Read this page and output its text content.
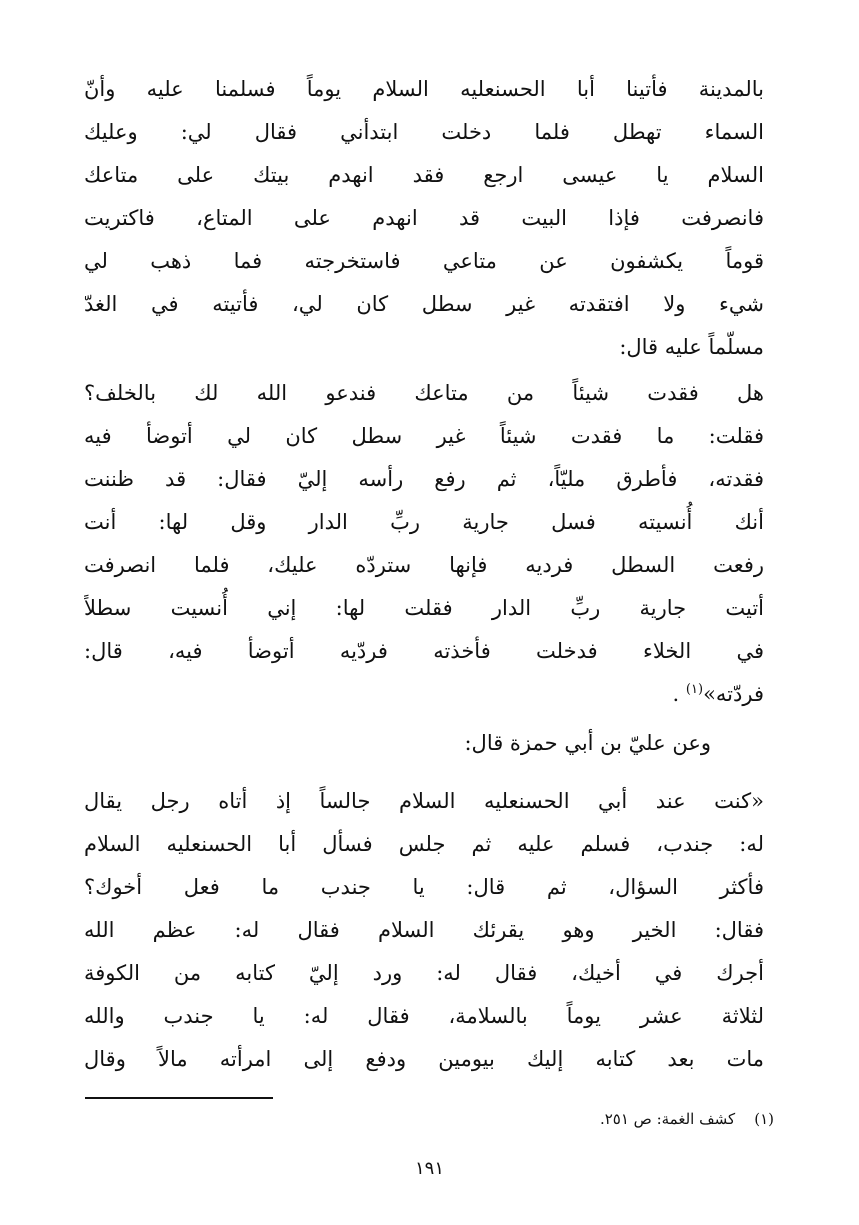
بالمدينة فأتينا أبا الحسنعليه السلام يوماً فسلمنا عليه وأنّ
السماء تهطل فلما دخلت ابتدأني فقال لي: وعليك
السلام يا عيسى ارجع فقد انهدم بيتك على متاعك
فانصرفت فإذا البيت قد انهدم على المتاع، فاكتريت
قوماً يكشفون عن متاعي فاستخرجته فما ذهب لي
شيء ولا افتقدته غير سطل كان لي، فأتيته في الغدّ
مسلّماً عليه قال:
هل فقدت شيئاً من متاعك فندعو الله لك بالخلف؟
فقلت: ما فقدت شيئاً غير سطل كان لي أتوضأ فيه
فقدته، فأطرق مليّاً، ثم رفع رأسه إليّ فقال: قد ظننت
أنك أُنسيته فسل جارية ربِّ الدار وقل لها: أنت
رفعت السطل فرديه فإنها ستردّه عليك، فلما انصرفت
أتيت جارية ربِّ الدار فقلت لها: إني أُنسيت سطلاً
في الخلاء فدخلت فأخذته فردّيه أتوضأ فيه، قال:
فردّته»$^{(١)}$ .
وعن عليّ بن أبي حمزة قال:
«كنت عند أبي الحسنعليه السلام جالساً إذ أتاه رجل يقال
له: جندب، فسلم عليه ثم جلس فسأل أبا الحسنعليه السلام
فأكثر السؤال، ثم قال: يا جندب ما فعل أخوك؟
فقال: الخير وهو يقرئك السلام فقال له: عظم الله
أجرك في أخيك، فقال له: ورد إليّ كتابه من الكوفة
لثلاثة عشر يوماً بالسلامة، فقال له: يا جندب والله
مات بعد كتابه إليك بيومين ودفع إلى امرأته مالاً وقال
(١)    كشف الغمة: ص ٢٥١.
١٩١
